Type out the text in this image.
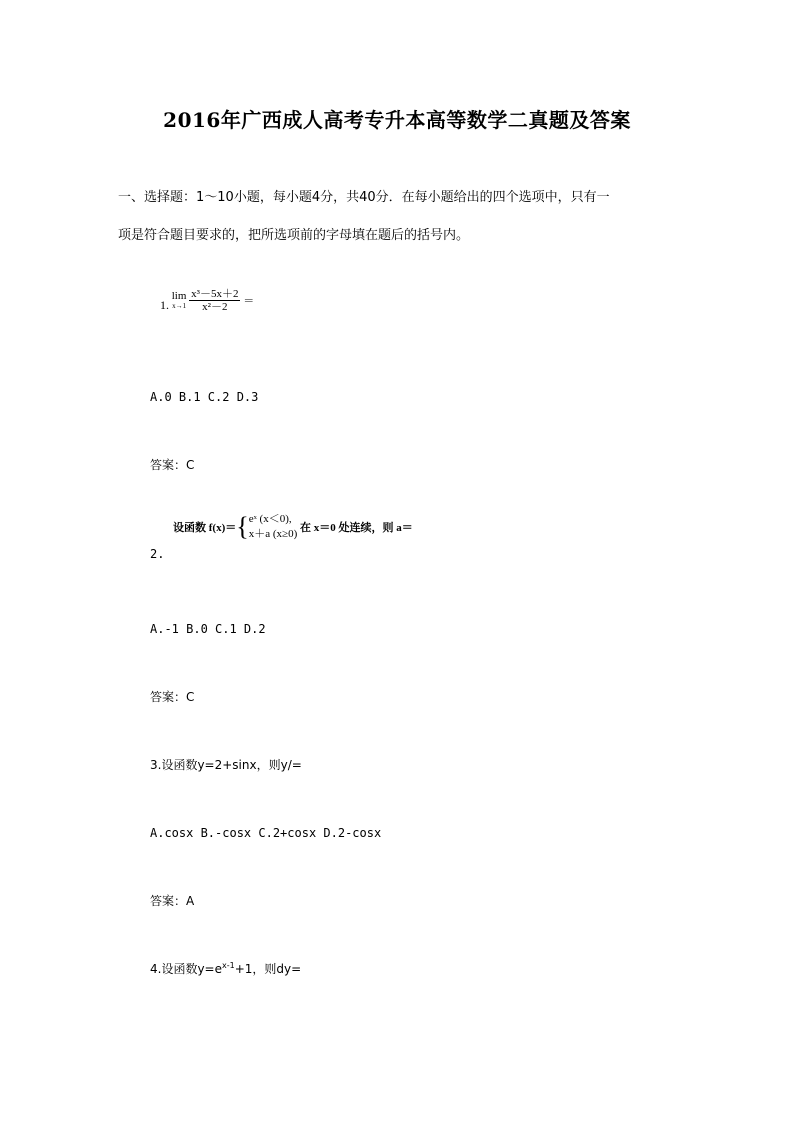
2016年广西成人高考专升本高等数学二真题及答案
一、选择题：1～10小题，每小题4分，共40分．在每小题给出的四个选项中，只有一
项是符合题目要求的，把所选项前的字母填在题后的括号内。
1.
lim
x→1
$\frac{\text{x³－5x＋2}}{\text{x²－2}}$ ＝
A.0 B.1 C.2 D.3
答案：C
设函数 f(x)＝{ eˣ (x＜0),
x＋a (x≥0) 在 x＝0 处连续，则 a＝
2.
A.-1 B.0 C.1 D.2
答案：C
3.设函数y=2+sinx，则y/=
A.cosx B.-cosx C.2+cosx D.2-cosx
答案：A
4.设函数$y=e^{x-1}+1$，则dy=
